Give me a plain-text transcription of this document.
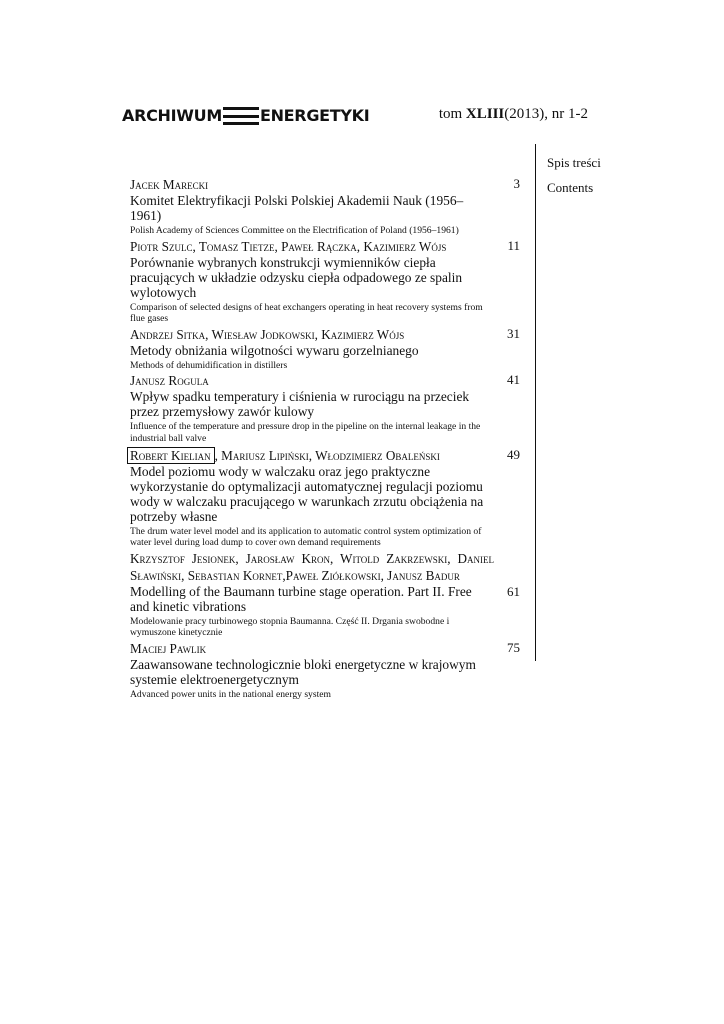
ARCHIWUM ENERGETYKI	tom XLIII(2013), nr 1-2
Spis treści
Contents
3
Jacek Marecki
Komitet Elektryfikacji Polski Polskiej Akademii Nauk (1956–1961)
Polish Academy of Sciences Committee on the Electrification of Poland (1956–1961)
11
Piotr Szulc, Tomasz Tietze, Paweł Rączka, Kazimierz Wójs
Porównanie wybranych konstrukcji wymienników ciepła pracujących w układzie odzysku ciepła odpadowego ze spalin wylotowych
Comparison of selected designs of heat exchangers operating in heat recovery systems from flue gases
31
Andrzej Sitka, Wiesław Jodkowski, Kazimierz Wójs
Metody obniżania wilgotności wywaru gorzelnianego
Methods of dehumidification in distillers
41
Janusz Rogula
Wpływ spadku temperatury i ciśnienia w rurociągu na przeciek przez przemysłowy zawór kulowy
Influence of the temperature and pressure drop in the pipeline on the internal leakage in the industrial ball valve
49
Robert Kielian , Mariusz Lipiński, Włodzimierz Obaleński
Model poziomu wody w walczaku oraz jego praktyczne wykorzystanie do optymalizacji automatycznej regulacji poziomu wody w walczaku pracującego w warunkach zrzutu obciążenia na potrzeby własne
The drum water level model and its application to automatic control system optimization of water level during load dump to cover own demand requirements
61
Krzysztof Jesionek, Jarosław Kron, Witold Zakrzewski, Daniel Sławiński, Sebastian Kornet,Paweł Ziółkowski, Janusz Badur
Modelling of the Baumann turbine stage operation. Part II. Free and kinetic vibrations
Modelowanie pracy turbinowego stopnia Baumanna. Część II. Drgania swobodne i wymuszone kinetycznie
75
Maciej Pawlik
Zaawansowane technologicznie bloki energetyczne w krajowym systemie elektroenergetycznym
Advanced power units in the national energy system
